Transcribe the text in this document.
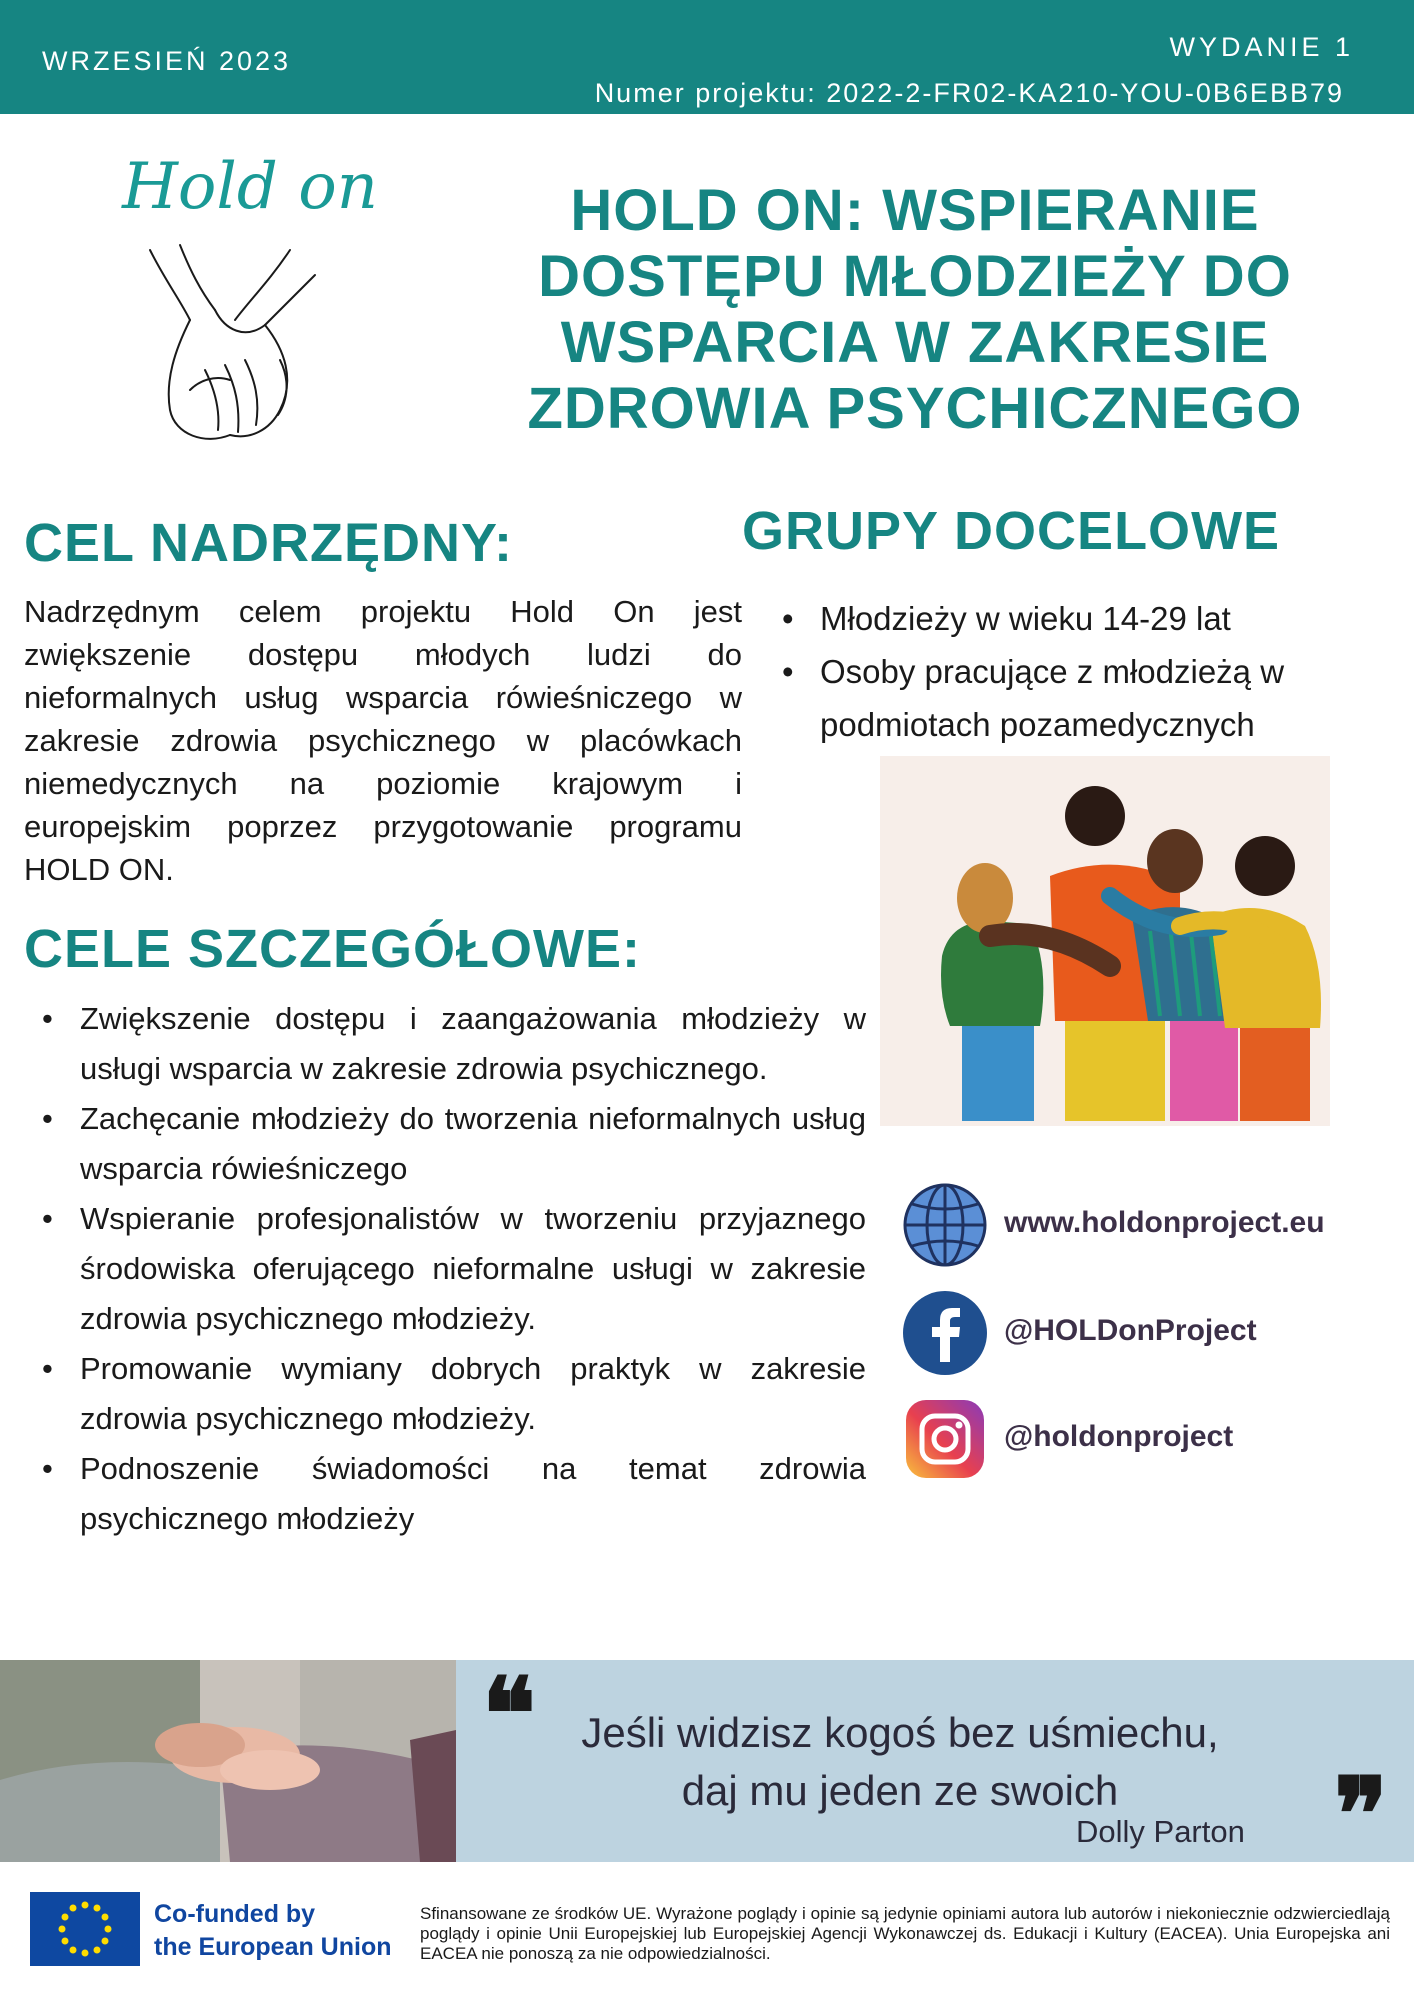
WRZESIEŃ 2023	WYDANIE 1
Numer projektu: 2022-2-FR02-KA210-YOU-0B6EBB79
Hold on	HOLD ON: WSPIERANIE DOSTĘPU MŁODZIEŻY DO WSPARCIA W ZAKRESIE ZDROWIA PSYCHICZNEGO
CEL NADRZĘDNY:
Nadrzędnym celem projektu Hold On jest zwiększenie dostępu młodych ludzi do nieformalnych usług wsparcia rówieśniczego w zakresie zdrowia psychicznego w placówkach niemedycznych na poziomie krajowym i europejskim poprzez przygotowanie programu HOLD ON.
GRUPY DOCELOWE
• Młodzieży w wieku 14-29 lat
• Osoby pracujące z młodzieżą w podmiotach pozamedycznych
CELE SZCZEGÓŁOWE:
• Zwiększenie dostępu i zaangażowania młodzieży w usługi wsparcia w zakresie zdrowia psychicznego.
• Zachęcanie młodzieży do tworzenia nieformalnych usług wsparcia rówieśniczego
• Wspieranie profesjonalistów w tworzeniu przyjaznego środowiska oferującego nieformalne usługi w zakresie zdrowia psychicznego młodzieży.
• Promowanie wymiany dobrych praktyk w zakresie zdrowia psychicznego młodzieży.
• Podnoszenie świadomości na temat zdrowia psychicznego młodzieży
www.holdonproject.eu
@HOLDonProject
@holdonproject
❝	Jeśli widzisz kogoś bez uśmiechu,
daj mu jeden ze swoich
Dolly Parton ❞
Co-funded by
the European Union
Sfinansowane ze środków UE. Wyrażone poglądy i opinie są jedynie opiniami autora lub autorów i niekoniecznie odzwierciedlają poglądy i opinie Unii Europejskiej lub Europejskiej Agencji Wykonawczej ds. Edukacji i Kultury (EACEA). Unia Europejska ani EACEA nie ponoszą za nie odpowiedzialności.
